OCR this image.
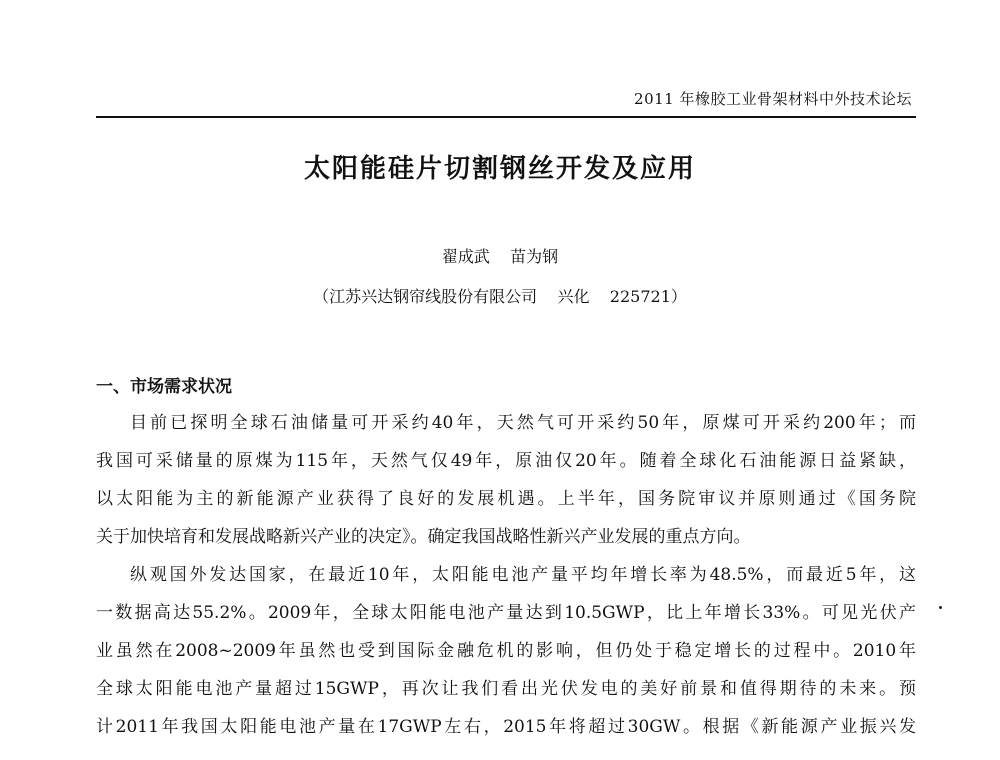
2011 年橡胶工业骨架材料中外技术论坛
太阳能硅片切割钢丝开发及应用
翟成武    苗为钢
（江苏兴达钢帘线股份有限公司    兴化    225721）
一、市场需求状况
目前已探明全球石油储量可开采约40年，天然气可开采约50年，原煤可开采约200年；而
我国可采储量的原煤为115年，天然气仅49年，原油仅20年。随着全球化石油能源日益紧缺，
以太阳能为主的新能源产业获得了良好的发展机遇。上半年，国务院审议并原则通过《国务院
关于加快培育和发展战略新兴产业的决定》。确定我国战略性新兴产业发展的重点方向。
纵观国外发达国家，在最近10年，太阳能电池产量平均年增长率为48.5%，而最近5年，这
一数据高达55.2%。2009年，全球太阳能电池产量达到10.5GWP，比上年增长33%。可见光伏产
业虽然在2008~2009年虽然也受到国际金融危机的影响，但仍处于稳定增长的过程中。2010年
全球太阳能电池产量超过15GWP，再次让我们看出光伏发电的美好前景和值得期待的未来。预
计2011年我国太阳能电池产量在17GWP左右，2015年将超过30GW。根据《新能源产业振兴发
